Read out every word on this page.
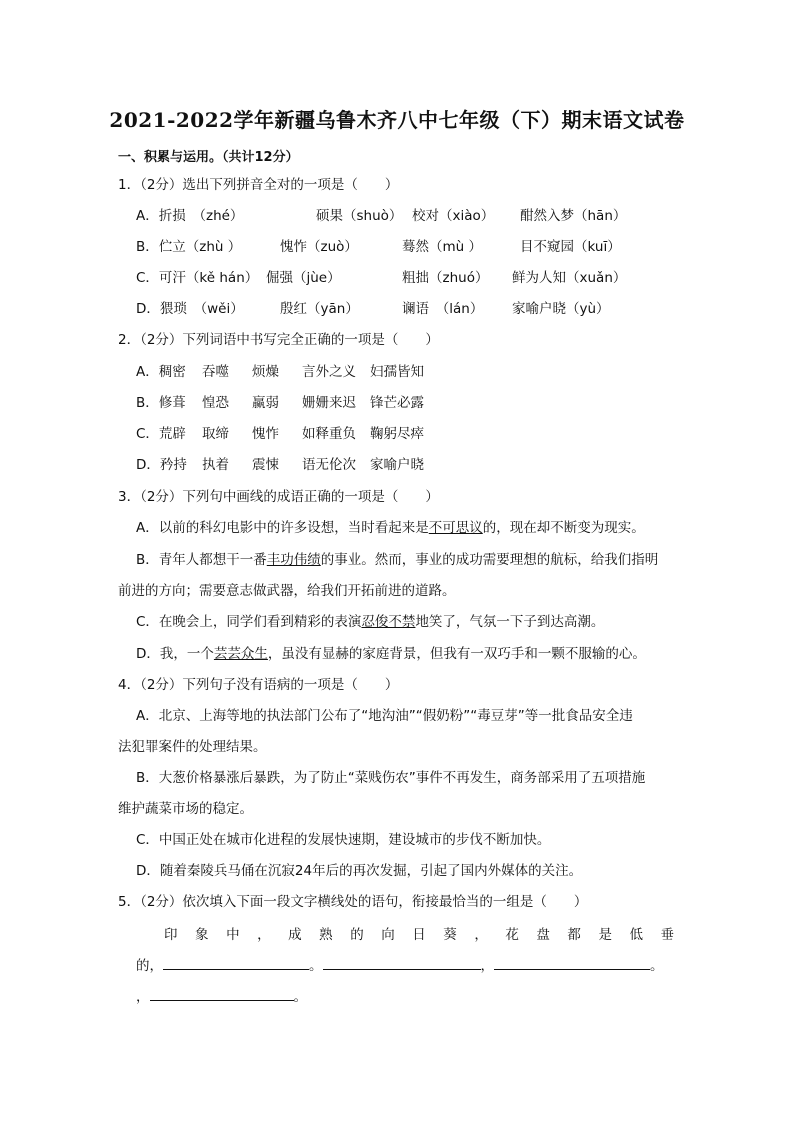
2021-2022学年新疆乌鲁木齐八中七年级（下）期末语文试卷
一、积累与运用。（共计12分）
1．（2分）选出下列拼音全对的一项是（　　）
A．折损　（zhé）	硕果（shuò） 校对（xiào） 酣然入梦（hān）
B．伫立（zhù ）	愧怍（zuò）	蓦然（mù ）	目不窥园（kuī）
C．可汗（kě hán） 倔强（jùe）	粗拙（zhuó） 鲜为人知（xuǎn）
D．猥琐　（wěi）	殷红（yān）	谰语　（lán） 家喻户晓（yù）
2．（2分）下列词语中书写完全正确的一项是（　　）
A．稠密 吞噬 烦燥 言外之义 妇孺皆知
B．修葺 惶恐 赢弱 姗姗来迟 锋芒必露
C．荒辟 取缔 愧怍 如释重负 鞠躬尽瘁
D．矜持 执着 震悚 语无伦次 家喻户晓
3．（2分）下列句中画线的成语正确的一项是（　　）
A．以前的科幻电影中的许多设想，当时看起来是不可思议的，现在却不断变为现实。
B．青年人都想干一番丰功伟绩的事业。然而，事业的成功需要理想的航标，给我们指明
前进的方向；需要意志做武器，给我们开拓前进的道路。
C．在晚会上，同学们看到精彩的表演忍俊不禁地笑了，气氛一下子到达高潮。
D．我，一个芸芸众生，虽没有显赫的家庭背景，但我有一双巧手和一颗不服输的心。
4．（2分）下列句子没有语病的一项是（　　）
A．北京、上海等地的执法部门公布了“地沟油”“假奶粉”“毒豆芽”等一批食品安全违
法犯罪案件的处理结果。
B．大葱价格暴涨后暴跌，为了防止“菜贱伤农”事件不再发生，商务部采用了五项措施
维护蔬菜市场的稳定。
C．中国正处在城市化进程的发展快速期，建设城市的步伐不断加快。
D．随着秦陵兵马俑在沉寂24年后的再次发掘，引起了国内外媒体的关注。
5．（2分）依次填入下面一段文字横线处的语句，衔接最恰当的一组是（　　）
印 象 中 ， 成 熟 的 向 日 葵 ， 花 盘 都 是 低 垂
的，	。	，	。
，	。
